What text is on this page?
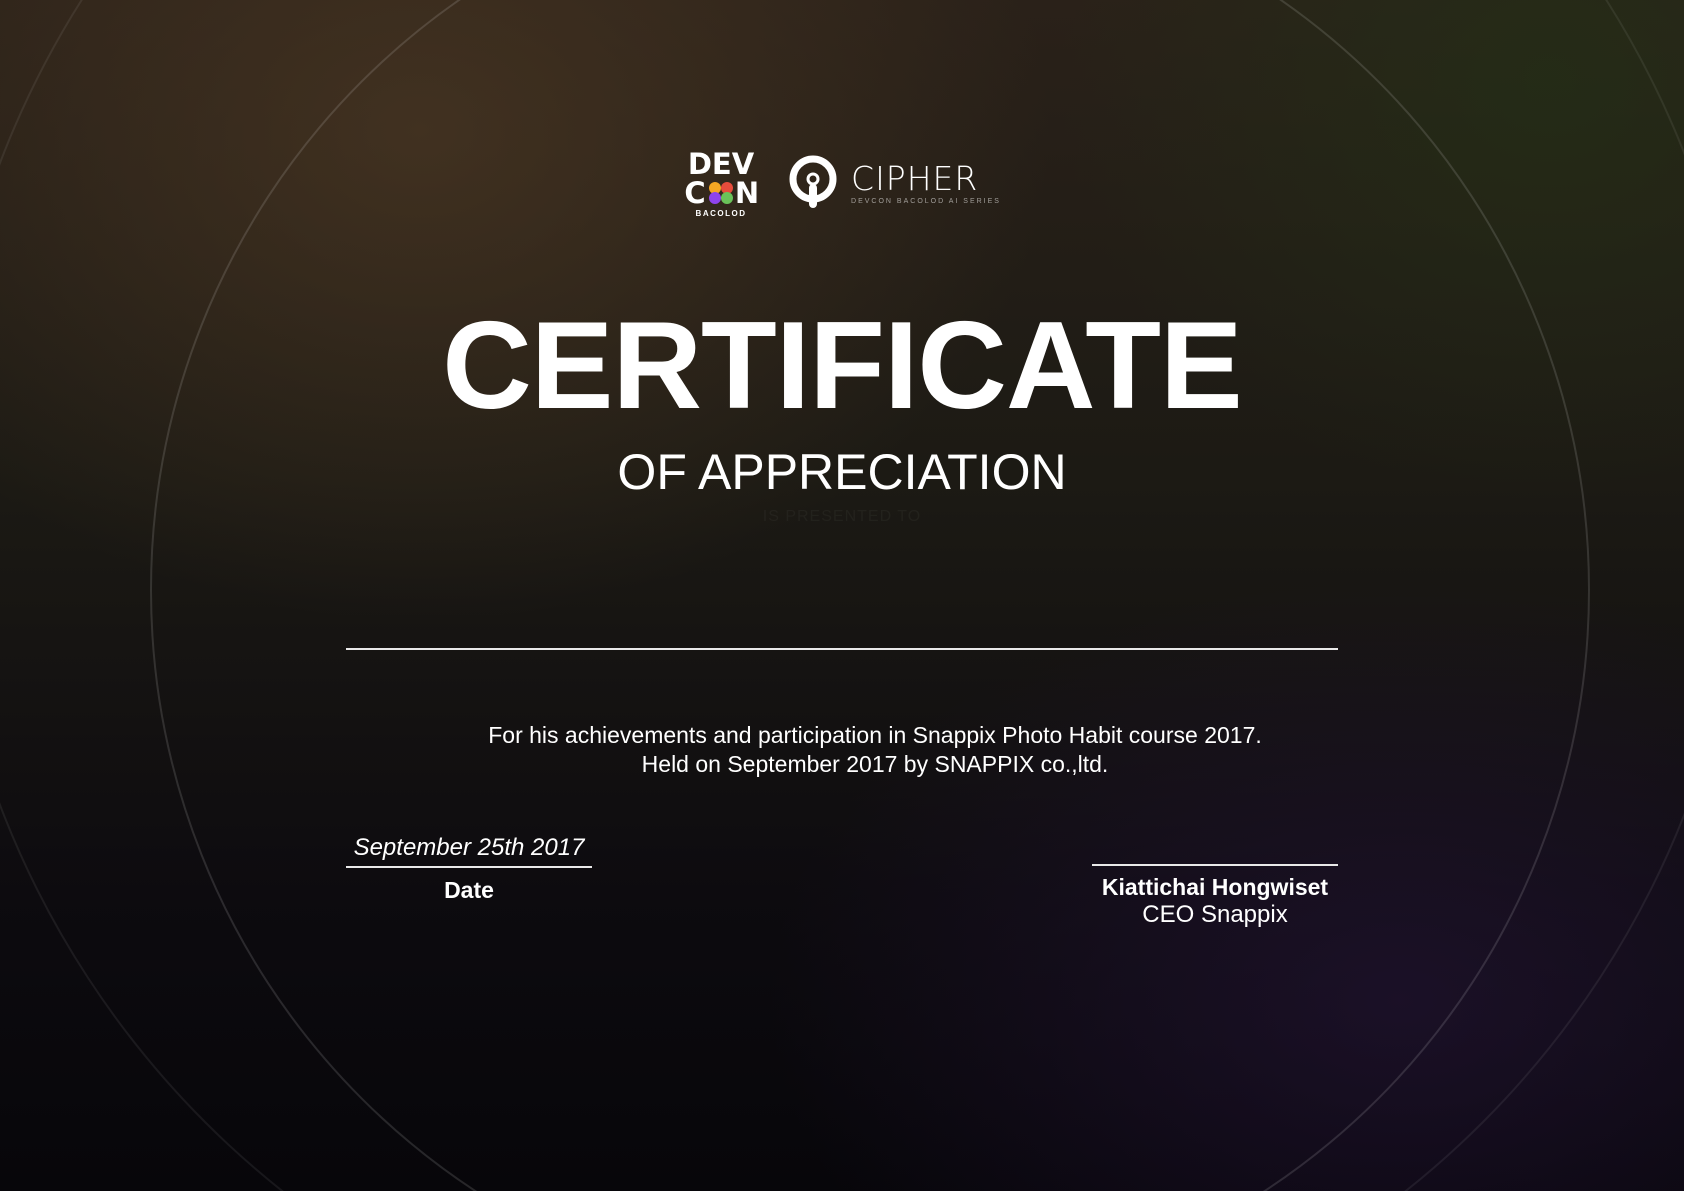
DEV
C N
BACOLOD
CIPHER
DEVCON BACOLOD AI SERIES
CERTIFICATE
OF APPRECIATION
For his achievements and participation in Snappix Photo Habit course 2017.
Held on September 2017 by SNAPPIX co.,ltd.
September 25th 2017
Date	Kiattichai Hongwiset
CEO Snappix
